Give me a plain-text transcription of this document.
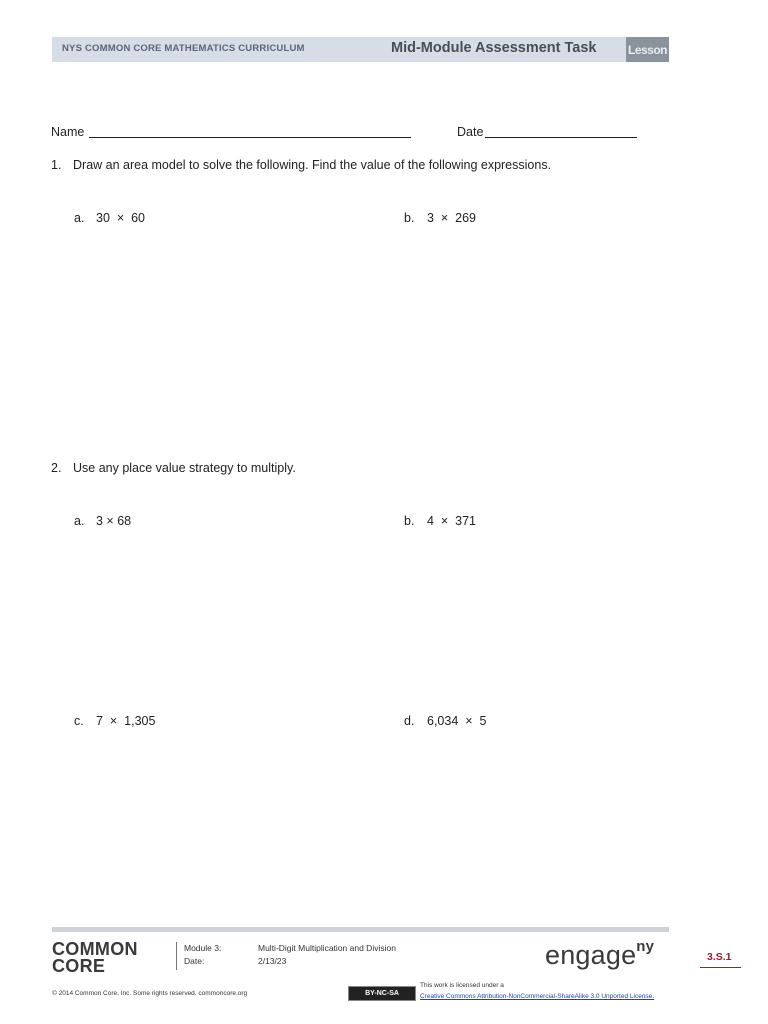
NYS COMMON CORE MATHEMATICS CURRICULUM	Mid-Module Assessment Task	Lesson
Name	Date
1. Draw an area model to solve the following. Find the value of the following expressions.
a. 30  ×  60	b. 3  ×  269
2. Use any place value strategy to multiply.
a. 3 × 68	b. 4  ×  371
c. 7  ×  1,305	d. 6,034  ×  5
COMMON
CORE
Module 3:	Multi-Digit Multiplication and Division
Date:	2/13/23	engage$^{ny}$
3.S.1
© 2014 Common Core, Inc. Some rights reserved. commoncore.org	BY-NC-SA
This work is licensed under a
Creative Commons Attribution-NonCommercial-ShareAlike 3.0 Unported License.
